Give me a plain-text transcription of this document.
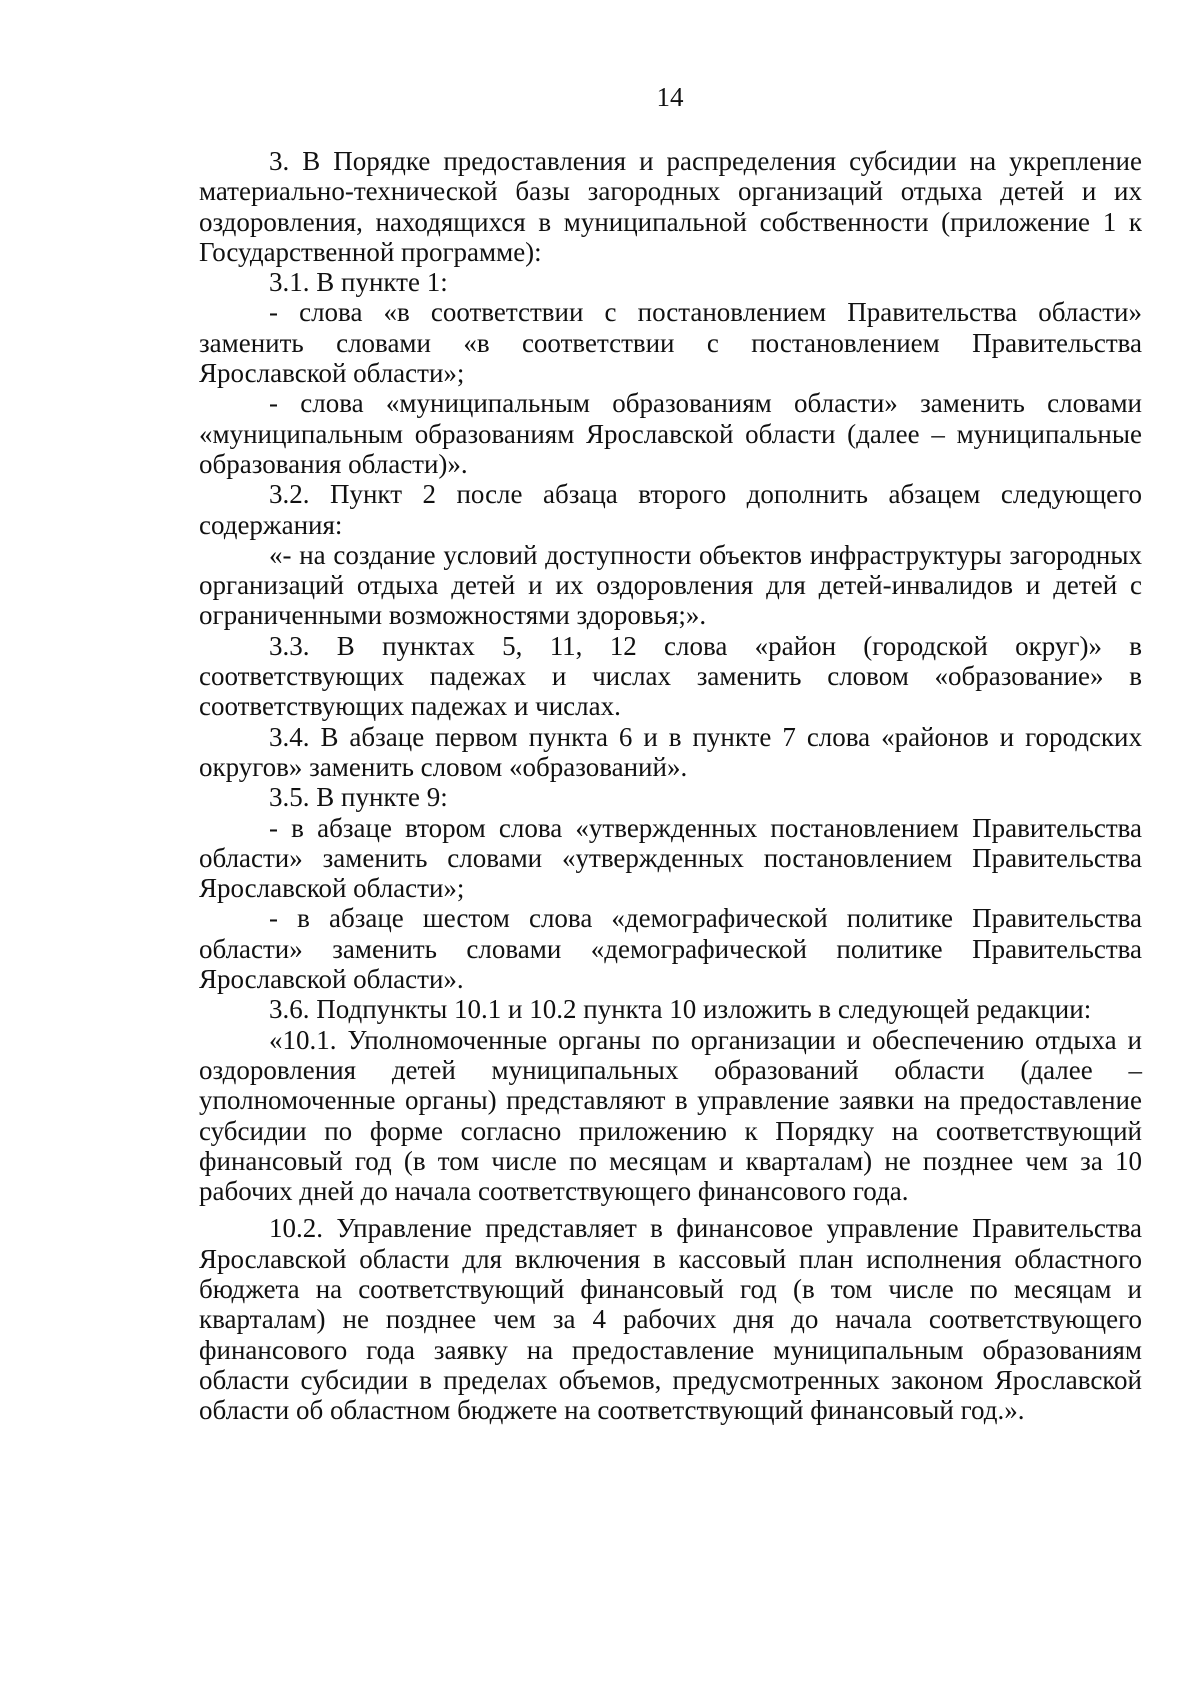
14

3. В Порядке предоставления и распределения субсидии на укрепление материально-технической базы загородных организаций отдыха детей и их оздоровления, находящихся в муниципальной собственности (приложение 1 к Государственной программе):

3.1. В пункте 1:

- слова «в соответствии с постановлением Правительства области» заменить словами «в соответствии с постановлением Правительства Ярославской области»;

- слова «муниципальным образованиям области» заменить словами «муниципальным образованиям Ярославской области (далее – муниципальные образования области)».

3.2. Пункт 2 после абзаца второго дополнить абзацем следующего содержания:

«- на создание условий доступности объектов инфраструктуры загородных организаций отдыха детей и их оздоровления для детей-инвалидов и детей с ограниченными возможностями здоровья;».

3.3. В пунктах 5, 11, 12 слова «район (городской округ)» в соответствующих падежах и числах заменить словом «образование» в соответствующих падежах и числах.

3.4. В абзаце первом пункта 6 и в пункте 7 слова «районов и городских округов» заменить словом «образований».

3.5. В пункте 9:

- в абзаце втором слова «утвержденных постановлением Правительства области» заменить словами «утвержденных постановлением Правительства Ярославской области»;

- в абзаце шестом слова «демографической политике Правительства области» заменить словами «демографической политике Правительства Ярославской области».

3.6. Подпункты 10.1 и 10.2 пункта 10 изложить в следующей редакции:

«10.1. Уполномоченные органы по организации и обеспечению отдыха и оздоровления детей муниципальных образований области (далее – уполномоченные органы) представляют в управление заявки на предоставление субсидии по форме согласно приложению к Порядку на соответствующий финансовый год (в том числе по месяцам и кварталам) не позднее чем за 10 рабочих дней до начала соответствующего финансового года.

10.2. Управление представляет в финансовое управление Правительства Ярославской области для включения в кассовый план исполнения областного бюджета на соответствующий финансовый год (в том числе по месяцам и кварталам) не позднее чем за 4 рабочих дня до начала соответствующего финансового года заявку на предоставление муниципальным образованиям области субсидии в пределах объемов, предусмотренных законом Ярославской области об областном бюджете на соответствующий финансовый год.».
